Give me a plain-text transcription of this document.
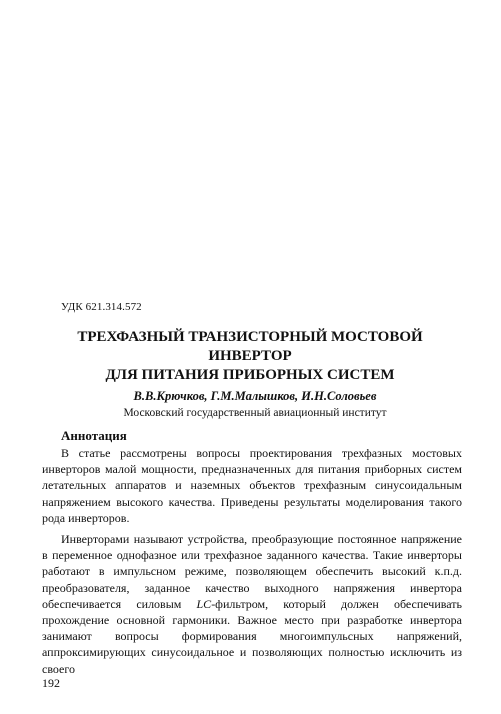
УДК 621.314.572
ТРЕХФАЗНЫЙ ТРАНЗИСТОРНЫЙ МОСТОВОЙ ИНВЕРТОР
ДЛЯ ПИТАНИЯ ПРИБОРНЫХ СИСТЕМ
В.В.Крючков, Г.М.Малышков, И.Н.Соловьев
Московский государственный авиационный институт
Аннотация

В статье рассмотрены вопросы проектирования трехфазных мостовых инверторов малой мощности, предназначенных для питания приборных систем летательных аппаратов и наземных объектов трехфазным синусоидальным напряжением высокого качества. Приведены результаты моделирования такого рода инверторов.

Инверторами называют устройства, преобразующие постоянное напряжение в переменное однофазное или трехфазное заданного качества. Такие инверторы работают в импульсном режиме, позволяющем обеспечить высокий к.п.д. преобразователя, заданное качество выходного напряжения инвертора обеспечивается силовым LC-фильтром, который должен обеспечивать прохождение основной гармоники. Важное место при разработке инвертора занимают вопросы формирования многоимпульсных напряжений, аппроксимирующих синусоидальное и позволяющих полностью исключить из своего

192
